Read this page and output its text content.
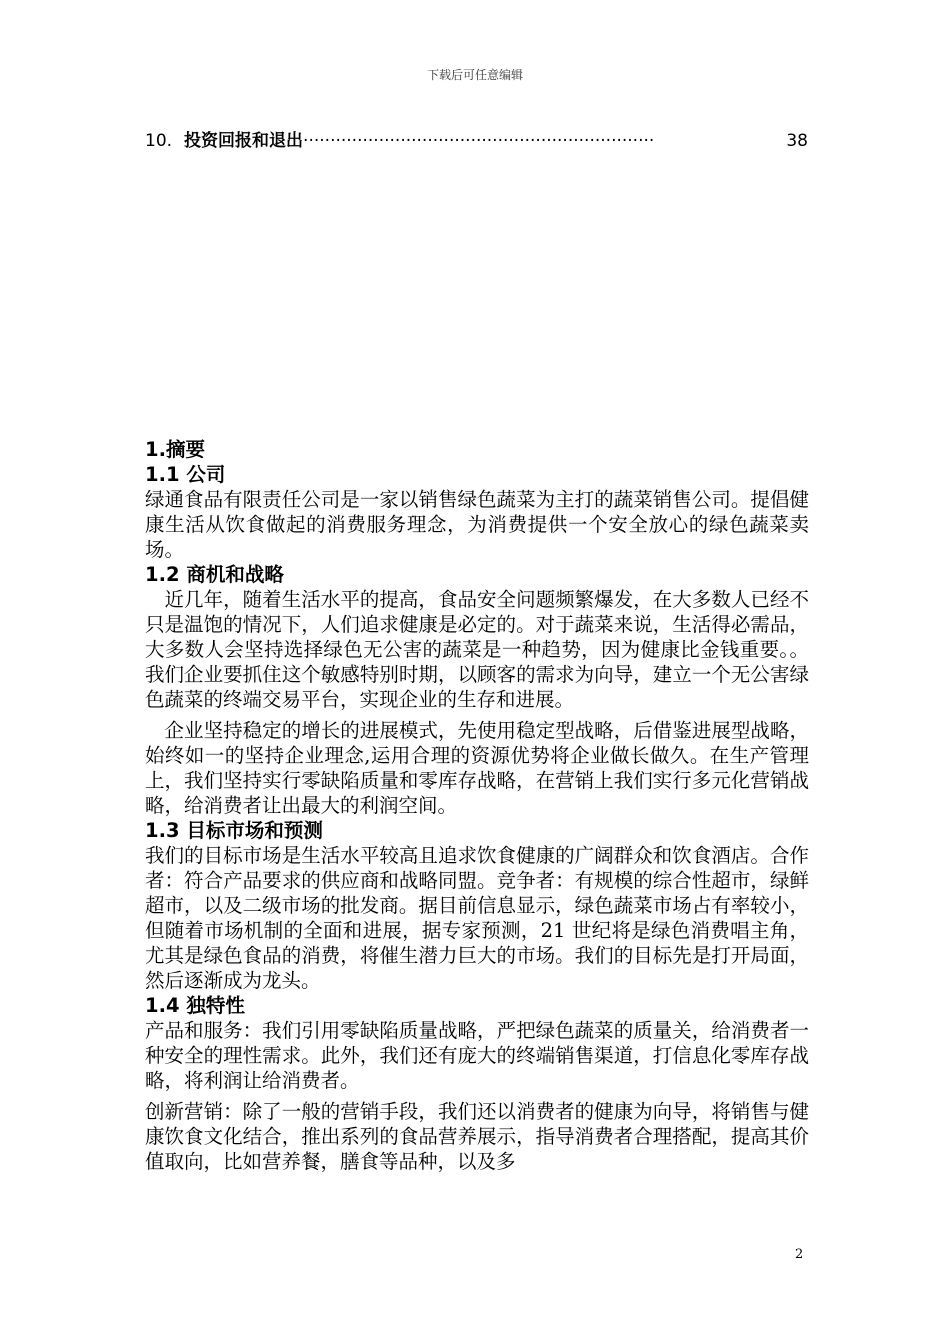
下载后可任意编辑
10. 投资回报和退出 ·································································	38
1.摘要
1.1 公司

绿通食品有限责任公司是一家以销售绿色蔬菜为主打的蔬菜销售公司。提倡健康生活从饮食做起的消费服务理念，为消费提供一个安全放心的绿色蔬菜卖场。

1.2 商机和战略

　近几年，随着生活水平的提高，食品安全问题频繁爆发，在大多数人已经不只是温饱的情况下，人们追求健康是必定的。对于蔬菜来说，生活得必需品，大多数人会坚持选择绿色无公害的蔬菜是一种趋势，因为健康比金钱重要。。我们企业要抓住这个敏感特别时期，以顾客的需求为向导，建立一个无公害绿色蔬菜的终端交易平台，实现企业的生存和进展。

　企业坚持稳定的增长的进展模式，先使用稳定型战略，后借鉴进展型战略，始终如一的坚持企业理念,运用合理的资源优势将企业做长做久。在生产管理上，我们坚持实行零缺陷质量和零库存战略，在营销上我们实行多元化营销战略，给消费者让出最大的利润空间。

1.3 目标市场和预测

我们的目标市场是生活水平较高且追求饮食健康的广阔群众和饮食酒店。合作者：符合产品要求的供应商和战略同盟。竞争者：有规模的综合性超市，绿鲜超市，以及二级市场的批发商。据目前信息显示，绿色蔬菜市场占有率较小，但随着市场机制的全面和进展，据专家预测，21 世纪将是绿色消费唱主角，尤其是绿色食品的消费，将催生潜力巨大的市场。我们的目标先是打开局面，然后逐渐成为龙头。

1.4 独特性

产品和服务：我们引用零缺陷质量战略，严把绿色蔬菜的质量关，给消费者一种安全的理性需求。此外，我们还有庞大的终端销售渠道，打信息化零库存战略，将利润让给消费者。

创新营销：除了一般的营销手段，我们还以消费者的健康为向导，将销售与健康饮食文化结合，推出系列的食品营养展示，指导消费者合理搭配，提高其价值取向，比如营养餐，膳食等品种，以及多

2
